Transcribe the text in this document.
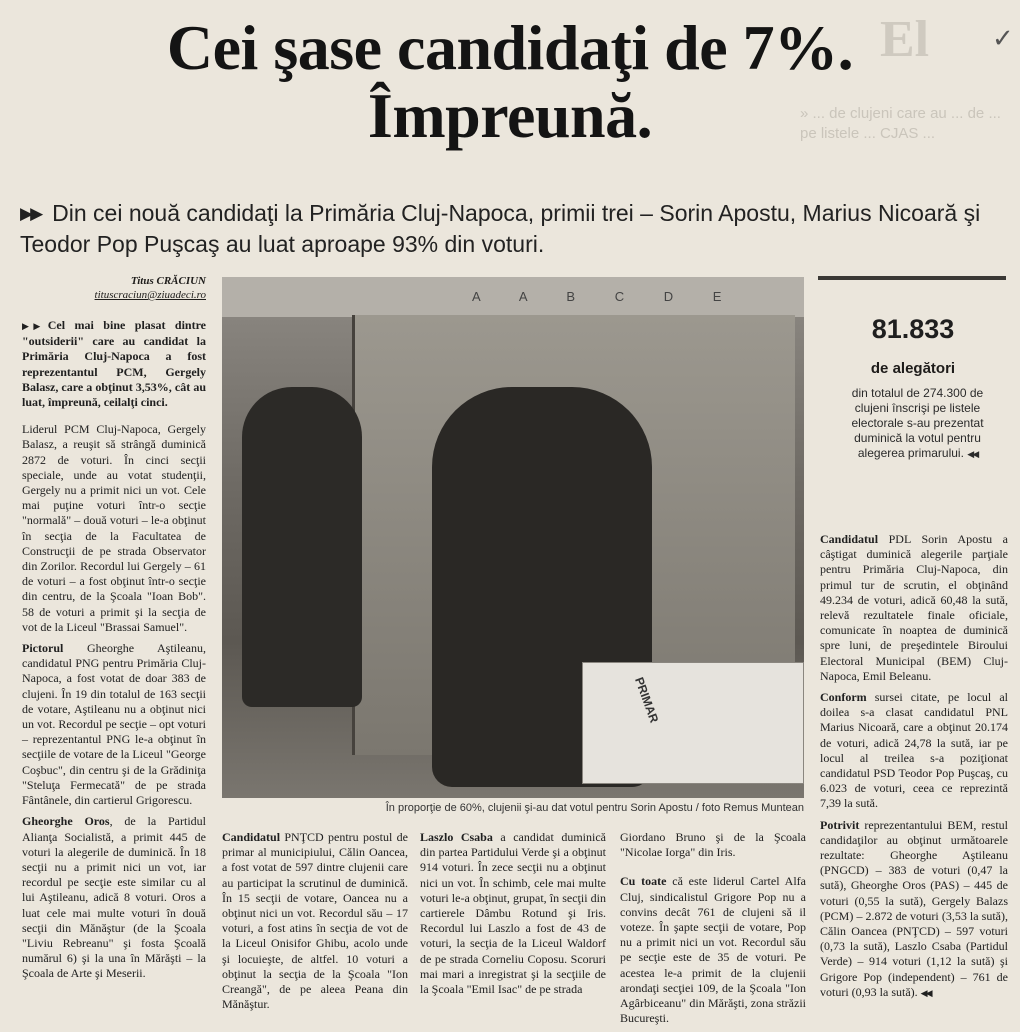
El
» ... de clujeni care au ... de ... pe listele ... CJAS ...
✓
Cei şase candidaţi de 7%.
Împreună.
▶▶ Din cei nouă candidaţi la Primăria Cluj-Napoca, primii trei – Sorin Apostu, Marius Nicoară şi Teodor Pop Puşcaş au luat aproape 93% din voturi.
Titus CRĂCIUN
tituscraciun@ziuadeci.ro

▶▶ Cel mai bine plasat dintre "outsiderii" care au candidat la Primăria Cluj-Napoca a fost reprezentantul PCM, Gergely Balasz, care a obţinut 3,53%, cât au luat, împreună, ceilalţi cinci.

Liderul PCM Cluj-Napoca, Gergely Balasz, a reuşit să strângă duminică 2872 de voturi. În cinci secţii speciale, unde au votat studenţii, Gergely nu a primit nici un vot. Cele mai puţine voturi într-o secţie "normală" – două voturi – le-a obţinut în secţia de la Facultatea de Construcţii de pe strada Observator din Zorilor. Recordul lui Gergely – 61 de voturi – a fost obţinut într-o secţie din centru, de la Şcoala "Ioan Bob". 58 de voturi a primit şi la secţia de vot de la Liceul "Brassai Samuel".

Pictorul Gheorghe Aştileanu, candidatul PNG pentru Primăria Cluj-Napoca, a fost votat de doar 383 de clujeni. În 19 din totalul de 163 secţii de votare, Aştileanu nu a obţinut nici un vot. Recordul pe secţie – opt voturi – reprezentantul PNG le-a obţinut în secţiile de votare de la Liceul "George Coşbuc", din centru şi de la Grădiniţa "Steluţa Fermecată" de pe strada Fântânele, din cartierul Grigorescu.

Gheorghe Oros, de la Partidul Alianţa Socialistă, a primit 445 de voturi la alegerile de duminică. În 18 secţii nu a primit nici un vot, iar recordul pe secţie este similar cu al lui Aştileanu, adică 8 voturi. Oros a luat cele mai multe voturi în două secţii din Mănăştur (de la Şcoala "Liviu Rebreanu" şi fosta Şcoală numărul 6) şi la una în Mărăşti – la Şcoala de Arte şi Meserii.

A A B C D E
PRIMAR
În proporţie de 60%, clujenii şi-au dat votul pentru Sorin Apostu / foto Remus Muntean

Candidatul PNŢCD pentru postul de primar al municipiului, Călin Oancea, a fost votat de 597 dintre clujenii care au participat la scrutinul de duminică. În 15 secţii de votare, Oancea nu a obţinut nici un vot. Recordul său – 17 voturi, a fost atins în secţia de vot de la Liceul Onisifor Ghibu, acolo unde şi locuieşte, de altfel. 10 voturi a obţinut la secţia de la Şcoala "Ion Creangă", de pe aleea Peana din Mănăştur.

Laszlo Csaba a candidat duminică din partea Partidului Verde şi a obţinut 914 voturi. În zece secţii nu a obţinut nici un vot. În schimb, cele mai multe voturi le-a obţinut, grupat, în secţii din cartierele Dâmbu Rotund şi Iris. Recordul lui Laszlo a fost de 43 de voturi, la secţia de la Liceul Waldorf de pe strada Corneliu Coposu. Scoruri mai mari a inregistrat şi la secţiile de la Şcoala "Emil Isac" de pe strada

Giordano Bruno şi de la Şcoala "Nicolae Iorga" din Iris.

Cu toate că este liderul Cartel Alfa Cluj, sindicalistul Grigore Pop nu a convins decât 761 de clujeni să il voteze. În şapte secţii de votare, Pop nu a primit nici un vot. Recordul său pe secţie este de 35 de voturi. Pe acestea le-a primit de la clujenii arondaţi secţiei 109, de la Şcoala "Ion Agârbiceanu" din Mărăşti, zona străzii Bucureşti.

81.833
de alegători
din totalul de 274.300 de clujeni înscrişi pe listele electorale s-au prezentat duminică la votul pentru alegerea primarului. ◀◀

Candidatul PDL Sorin Apostu a câştigat duminică alegerile parţiale pentru Primăria Cluj-Napoca, din primul tur de scrutin, el obţinând 49.234 de voturi, adică 60,48 la sută, relevă rezultatele finale oficiale, comunicate în noaptea de duminică spre luni, de preşedintele Biroului Electoral Municipal (BEM) Cluj-Napoca, Emil Beleanu.

Conform sursei citate, pe locul al doilea s-a clasat candidatul PNL Marius Nicoară, care a obţinut 20.174 de voturi, adică 24,78 la sută, iar pe locul al treilea s-a poziţionat candidatul PSD Teodor Pop Puşcaş, cu 6.023 de voturi, ceea ce reprezintă 7,39 la sută.

Potrivit reprezentantului BEM, restul candidaţilor au obţinut următoarele rezultate: Gheorghe Aştileanu (PNGCD) – 383 de voturi (0,47 la sută), Gheorghe Oros (PAS) – 445 de voturi (0,55 la sută), Gergely Balazs (PCM) – 2.872 de voturi (3,53 la sută), Călin Oancea (PNŢCD) – 597 voturi (0,73 la sută), Laszlo Csaba (Partidul Verde) – 914 voturi (1,12 la sută) şi Grigore Pop (independent) – 761 de voturi (0,93 la sută). ◀◀
